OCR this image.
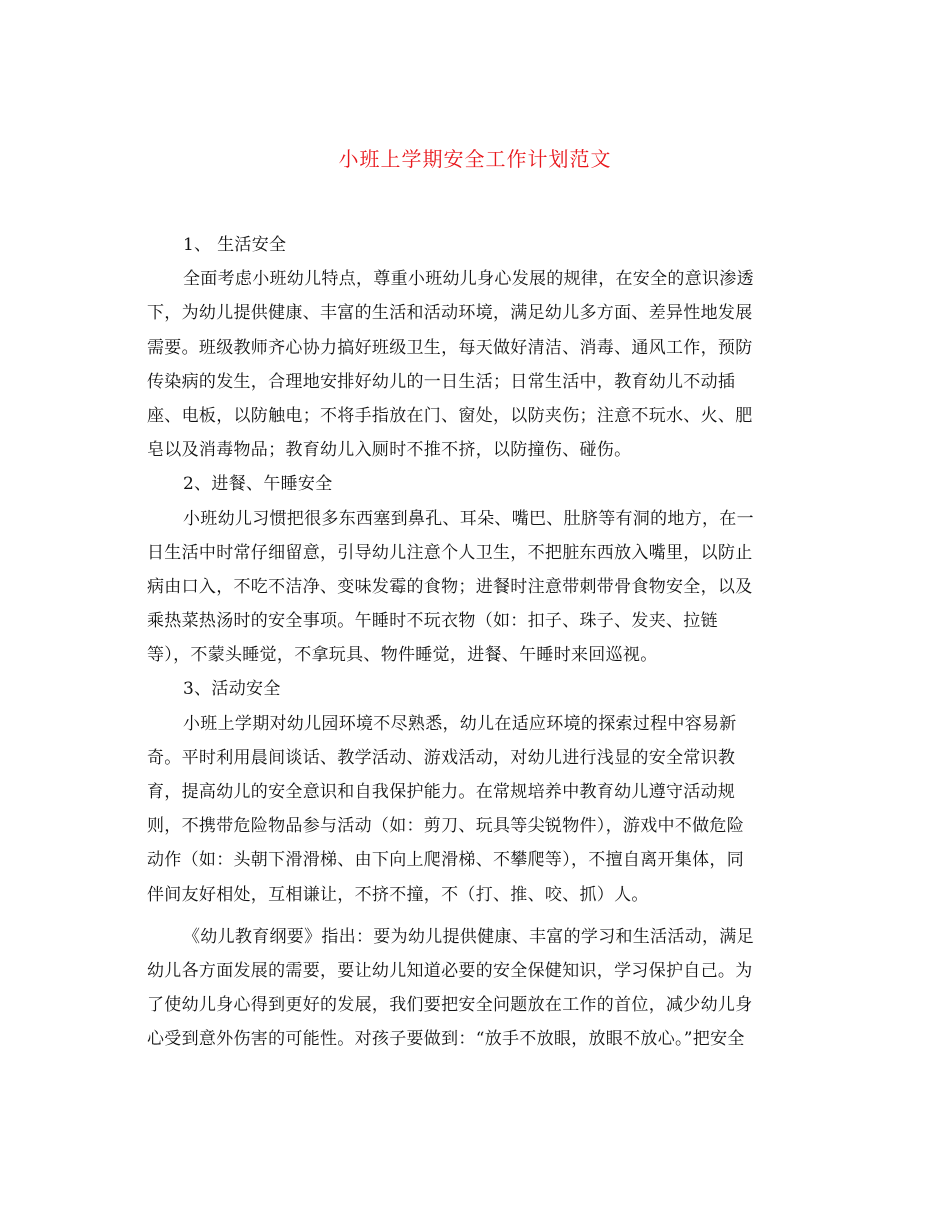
小班上学期安全工作计划范文
1、 生活安全
全面考虑小班幼儿特点，尊重小班幼儿身心发展的规律，在安全的意识渗透
下，为幼儿提供健康、丰富的生活和活动环境，满足幼儿多方面、差异性地发展
需要。班级教师齐心协力搞好班级卫生，每天做好清洁、消毒、通风工作，预防
传染病的发生，合理地安排好幼儿的一日生活；日常生活中，教育幼儿不动插
座、电板，以防触电；不将手指放在门、窗处，以防夹伤；注意不玩水、火、肥
皂以及消毒物品；教育幼儿入厕时不推不挤，以防撞伤、碰伤。
2、进餐、午睡安全
小班幼儿习惯把很多东西塞到鼻孔、耳朵、嘴巴、肚脐等有洞的地方，在一
日生活中时常仔细留意，引导幼儿注意个人卫生，不把脏东西放入嘴里，以防止
病由口入，不吃不洁净、变味发霉的食物；进餐时注意带刺带骨食物安全，以及
乘热菜热汤时的安全事项。午睡时不玩衣物（如：扣子、珠子、发夹、拉链
等），不蒙头睡觉，不拿玩具、物件睡觉，进餐、午睡时来回巡视。
3、活动安全
小班上学期对幼儿园环境不尽熟悉，幼儿在适应环境的探索过程中容易新
奇。平时利用晨间谈话、教学活动、游戏活动，对幼儿进行浅显的安全常识教
育，提高幼儿的安全意识和自我保护能力。在常规培养中教育幼儿遵守活动规
则，不携带危险物品参与活动（如：剪刀、玩具等尖锐物件），游戏中不做危险
动作（如：头朝下滑滑梯、由下向上爬滑梯、不攀爬等），不擅自离开集体，同
伴间友好相处，互相谦让，不挤不撞，不（打、推、咬、抓）人。
《幼儿教育纲要》指出：要为幼儿提供健康、丰富的学习和生活活动，满足
幼儿各方面发展的需要，要让幼儿知道必要的安全保健知识，学习保护自己。为
了使幼儿身心得到更好的发展，我们要把安全问题放在工作的首位，减少幼儿身
心受到意外伤害的可能性。对孩子要做到：“放手不放眼，放眼不放心。”把安全
